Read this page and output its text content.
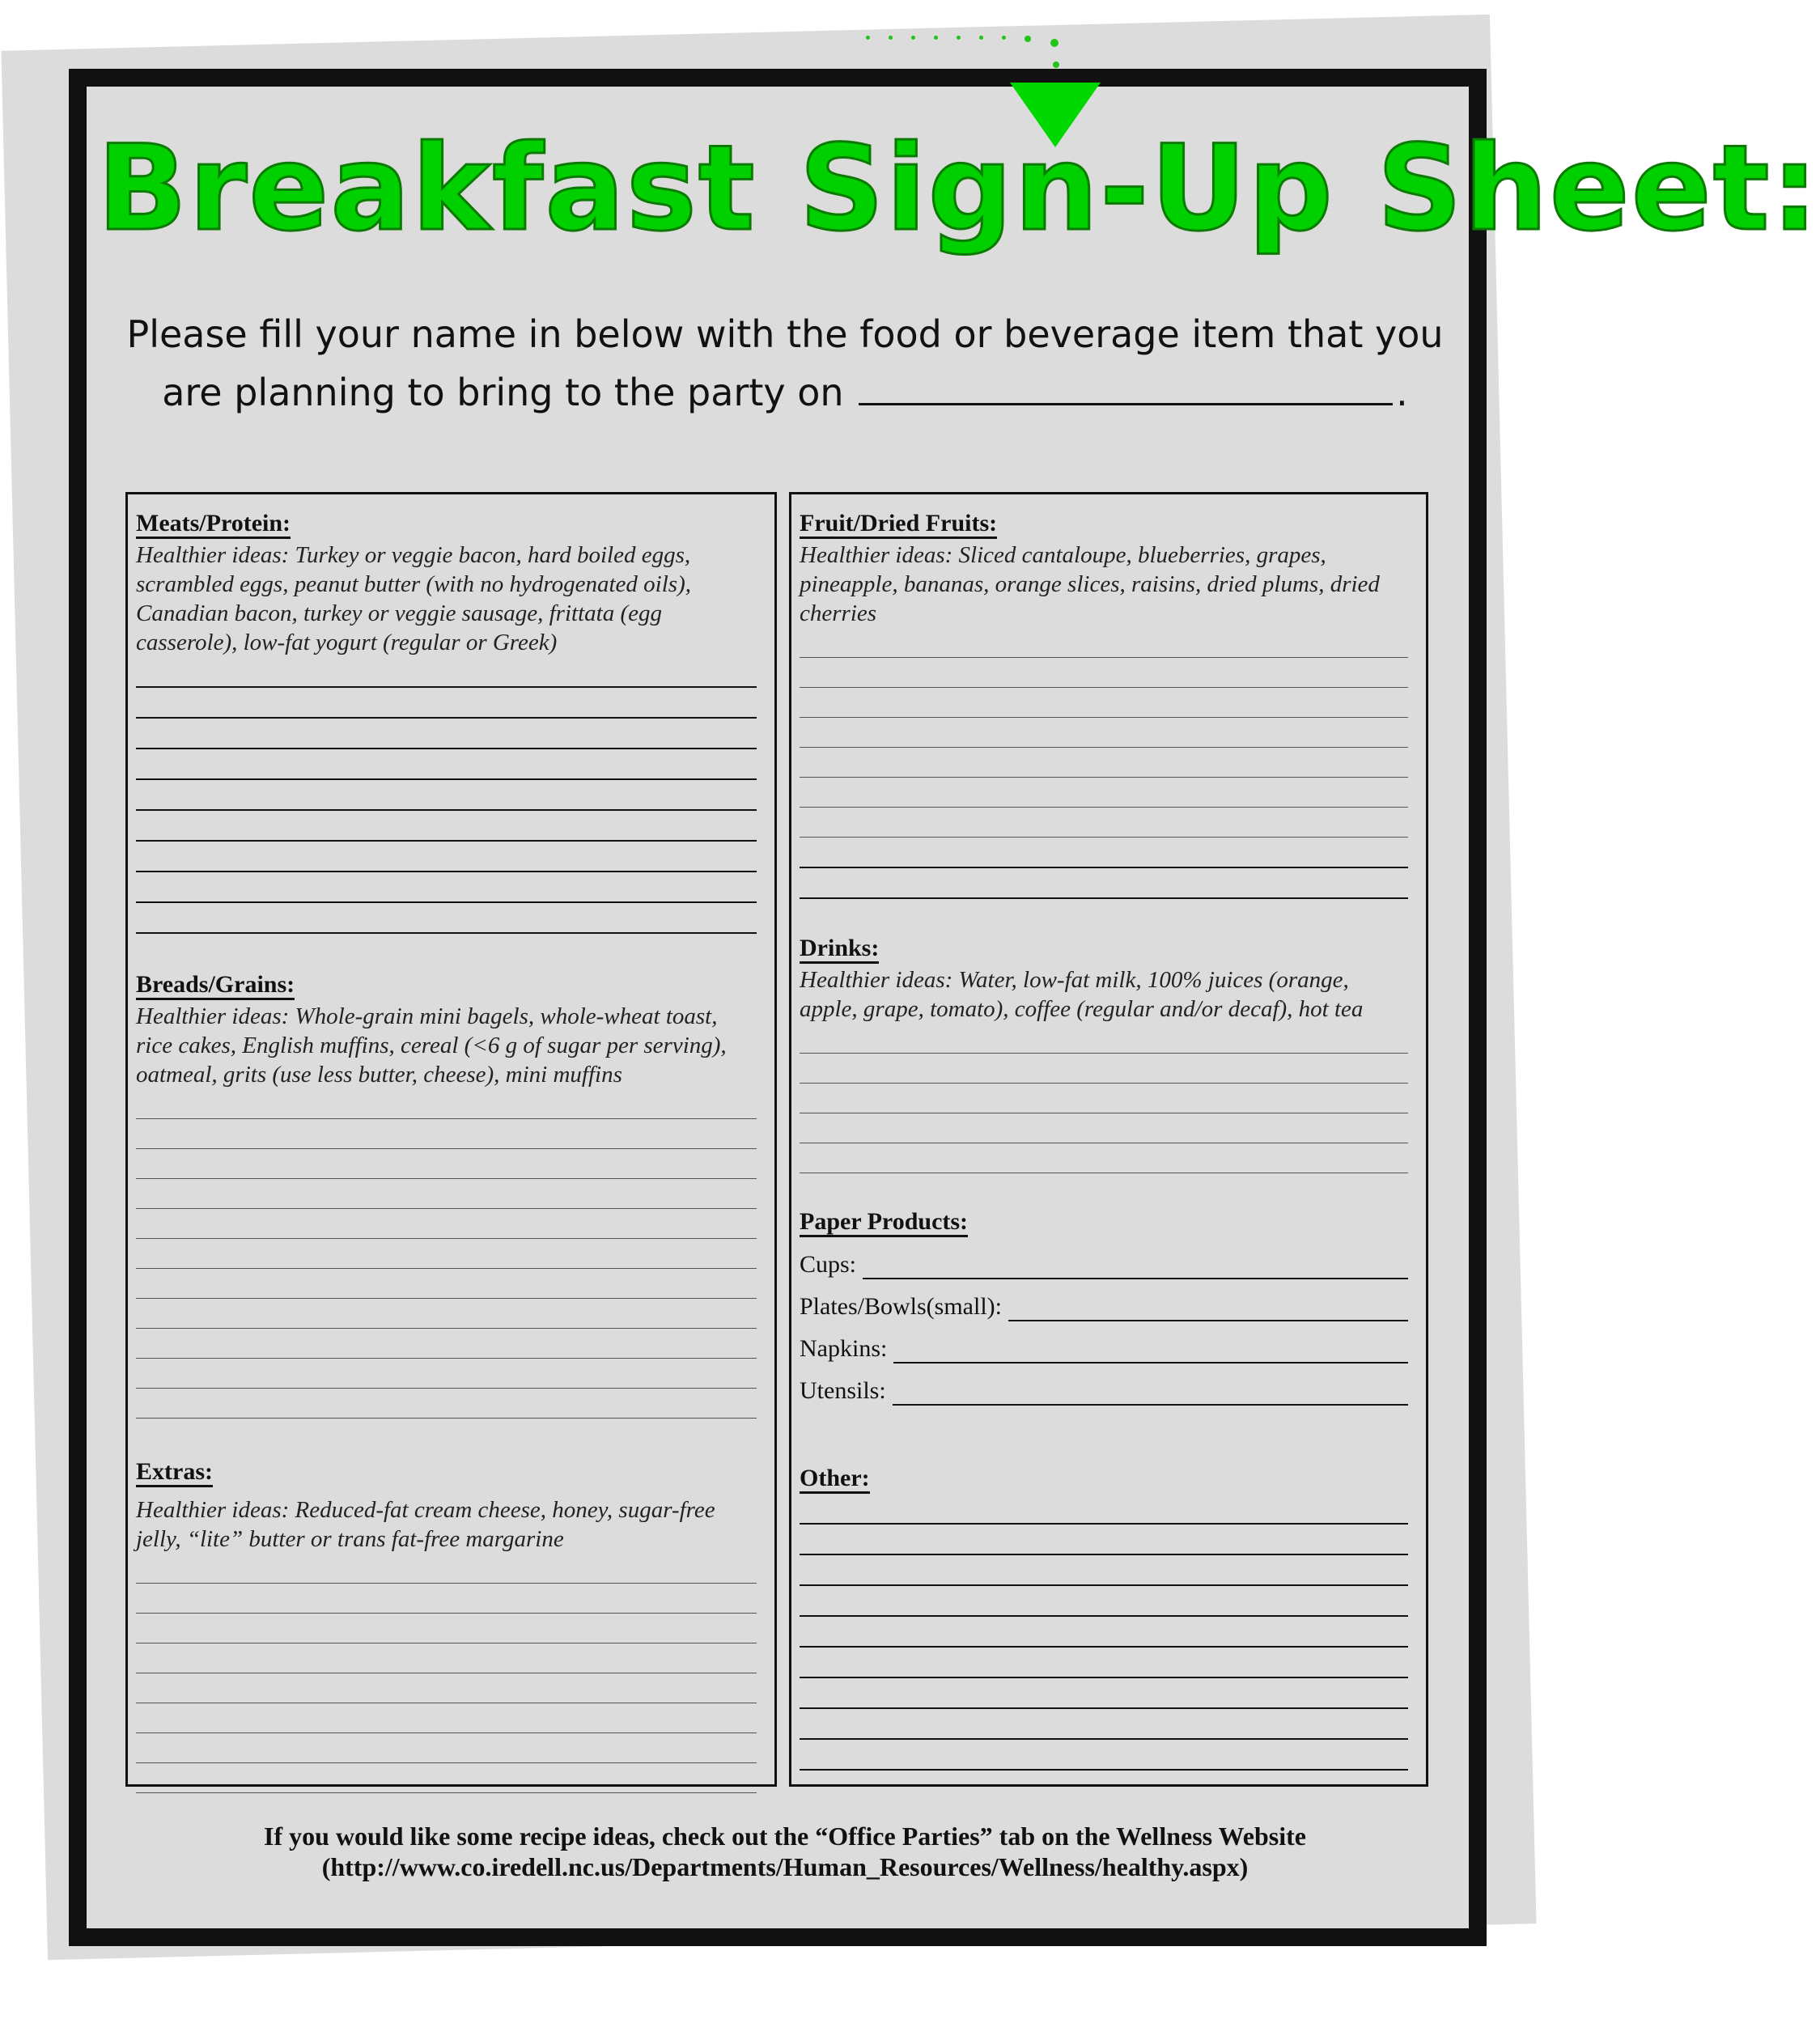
Breakfast Sign-Up Sheet:
Please fill your name in below with the food or beverage item that you
are planning to bring to the party on	.
Meats/Protein:
Healthier ideas: Turkey or veggie bacon, hard boiled eggs, scrambled eggs, peanut butter (with no hydrogenated oils), Canadian bacon, turkey or veggie sausage, frittata (egg casserole), low-fat yogurt (regular or Greek)
Breads/Grains:
Healthier ideas: Whole-grain mini bagels, whole-wheat toast, rice cakes, English muffins, cereal (<6 g of sugar per serving), oatmeal, grits (use less butter, cheese), mini muffins
Extras:
Healthier ideas: Reduced-fat cream cheese, honey, sugar-free jelly, “lite” butter or trans fat-free margarine
Fruit/Dried Fruits:
Healthier ideas: Sliced cantaloupe, blueberries, grapes, pineapple, bananas, orange slices, raisins, dried plums, dried cherries
Drinks:
Healthier ideas: Water, low-fat milk, 100% juices (orange, apple, grape, tomato), coffee (regular and/or decaf), hot tea
Paper Products:
Cups:
Plates/Bowls(small):
Napkins:
Utensils:
Other:
If you would like some recipe ideas, check out the “Office Parties” tab on the Wellness Website
(http://www.co.iredell.nc.us/Departments/Human_Resources/Wellness/healthy.aspx)
